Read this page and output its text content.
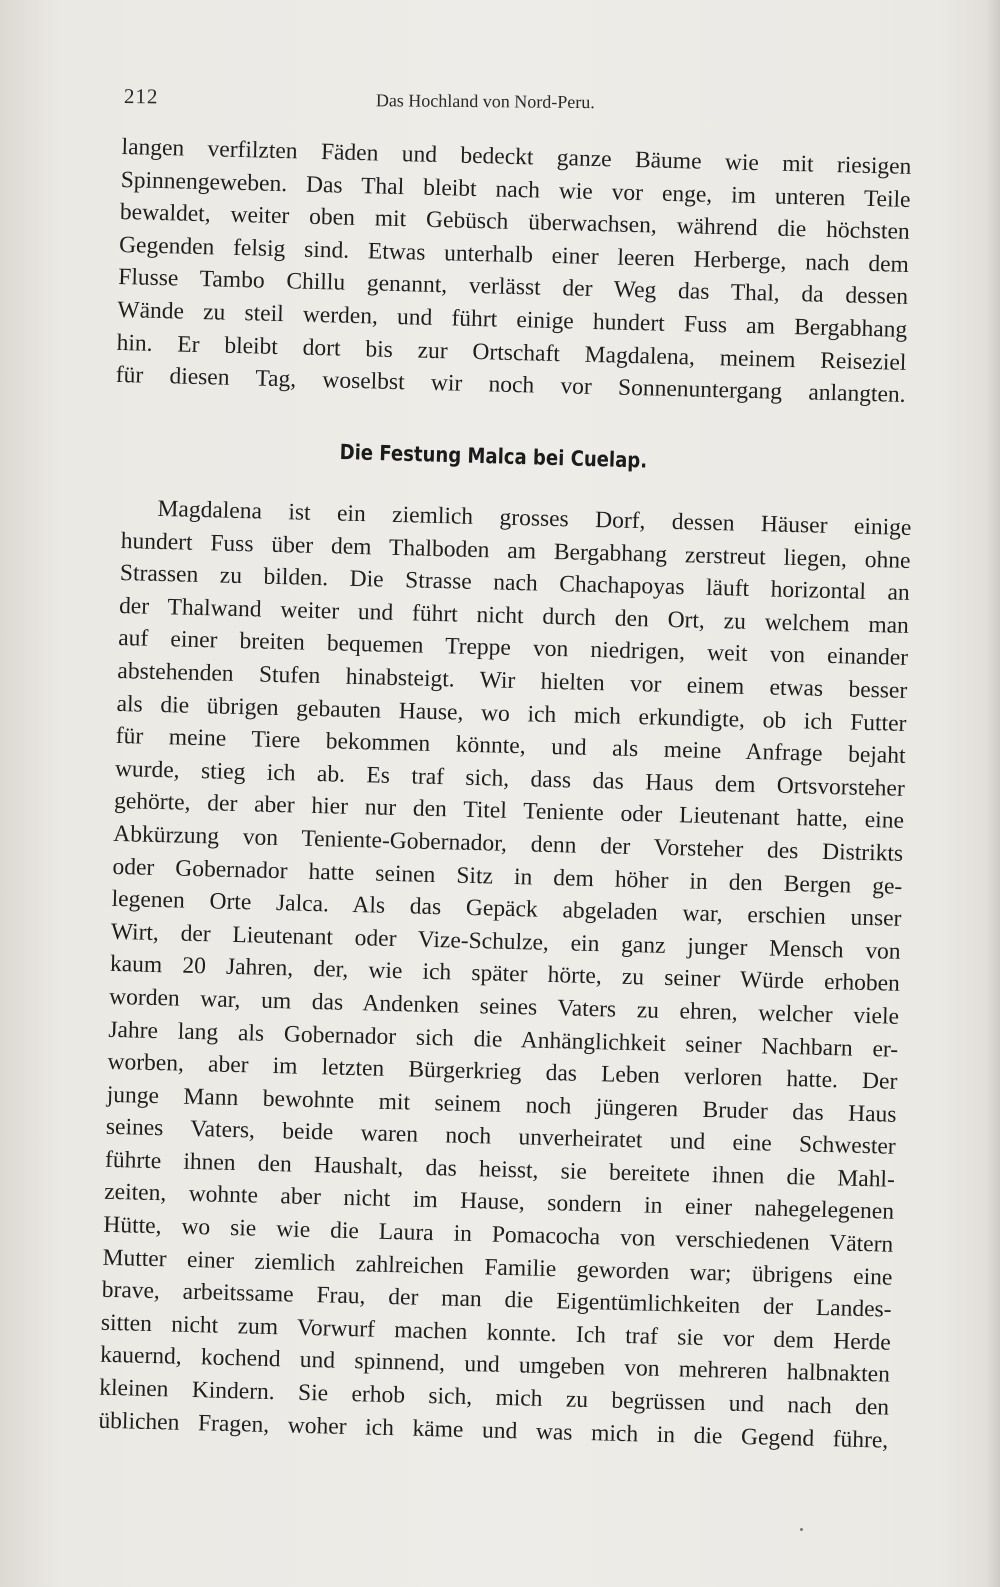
212	Das Hochland von Nord-Peru.
langen verfilzten Fäden und bedeckt ganze Bäume wie mit riesigen
Spinnengeweben. Das Thal bleibt nach wie vor enge, im unteren Teile
bewaldet, weiter oben mit Gebüsch überwachsen, während die höchsten
Gegenden felsig sind. Etwas unterhalb einer leeren Herberge, nach dem
Flusse Tambo Chillu genannt, verlässt der Weg das Thal, da dessen
Wände zu steil werden, und führt einige hundert Fuss am Bergabhang
hin. Er bleibt dort bis zur Ortschaft Magdalena, meinem Reiseziel
für diesen Tag, woselbst wir noch vor Sonnenuntergang anlangten.
Die Festung Malca bei Cuelap.
Magdalena ist ein ziemlich grosses Dorf, dessen Häuser einige
hundert Fuss über dem Thalboden am Bergabhang zerstreut liegen, ohne
Strassen zu bilden. Die Strasse nach Chachapoyas läuft horizontal an
der Thalwand weiter und führt nicht durch den Ort, zu welchem man
auf einer breiten bequemen Treppe von niedrigen, weit von einander
abstehenden Stufen hinabsteigt. Wir hielten vor einem etwas besser
als die übrigen gebauten Hause, wo ich mich erkundigte, ob ich Futter
für meine Tiere bekommen könnte, und als meine Anfrage bejaht
wurde, stieg ich ab. Es traf sich, dass das Haus dem Ortsvorsteher
gehörte, der aber hier nur den Titel Teniente oder Lieutenant hatte, eine
Abkürzung von Teniente-Gobernador, denn der Vorsteher des Distrikts
oder Gobernador hatte seinen Sitz in dem höher in den Bergen ge-
legenen Orte Jalca. Als das Gepäck abgeladen war, erschien unser
Wirt, der Lieutenant oder Vize-Schulze, ein ganz junger Mensch von
kaum 20 Jahren, der, wie ich später hörte, zu seiner Würde erhoben
worden war, um das Andenken seines Vaters zu ehren, welcher viele
Jahre lang als Gobernador sich die Anhänglichkeit seiner Nachbarn er-
worben, aber im letzten Bürgerkrieg das Leben verloren hatte. Der
junge Mann bewohnte mit seinem noch jüngeren Bruder das Haus
seines Vaters, beide waren noch unverheiratet und eine Schwester
führte ihnen den Haushalt, das heisst, sie bereitete ihnen die Mahl-
zeiten, wohnte aber nicht im Hause, sondern in einer nahegelegenen
Hütte, wo sie wie die Laura in Pomacocha von verschiedenen Vätern
Mutter einer ziemlich zahlreichen Familie geworden war; übrigens eine
brave, arbeitssame Frau, der man die Eigentümlichkeiten der Landes-
sitten nicht zum Vorwurf machen konnte. Ich traf sie vor dem Herde
kauernd, kochend und spinnend, und umgeben von mehreren halbnakten
kleinen Kindern. Sie erhob sich, mich zu begrüssen und nach den
üblichen Fragen, woher ich käme und was mich in die Gegend führe,
